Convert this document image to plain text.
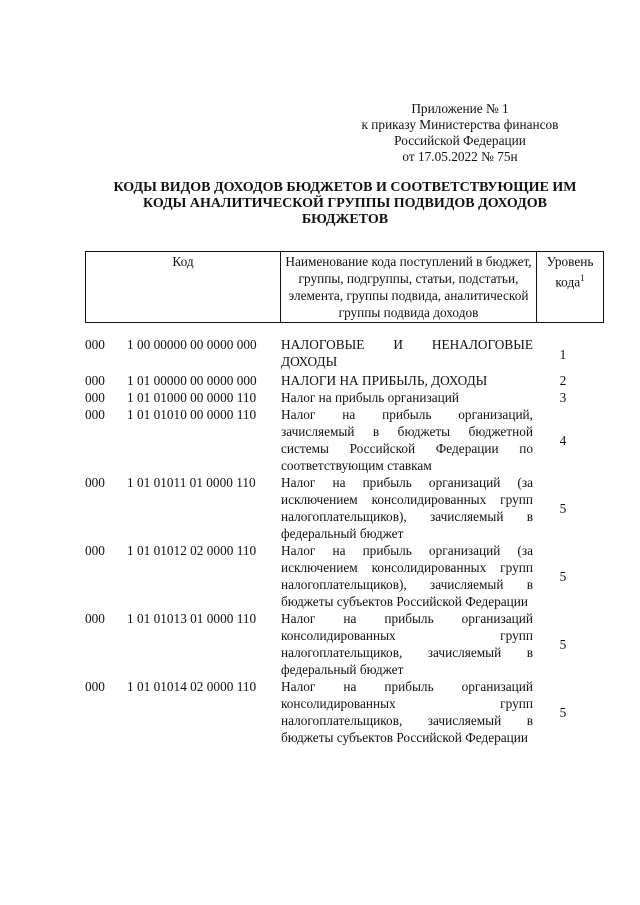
Приложение № 1
к приказу Министерства финансов
Российской Федерации
от 17.05.2022 № 75н
КОДЫ ВИДОВ ДОХОДОВ БЮДЖЕТОВ И СООТВЕТСТВУЮЩИЕ ИМ
КОДЫ АНАЛИТИЧЕСКОЙ ГРУППЫ ПОДВИДОВ ДОХОДОВ
БЮДЖЕТОВ
Код	Наименование кода поступлений в бюджет, группы, подгруппы, статьи, подстатьи, элемента, группы подвида, аналитической группы подвида доходов	Уровень кода$^1$
000	1 00 00000 00 0000 000	НАЛОГОВЫЕ И НЕНАЛОГОВЫЕ ДОХОДЫ	1
000	1 01 00000 00 0000 000	НАЛОГИ НА ПРИБЫЛЬ, ДОХОДЫ	2
000	1 01 01000 00 0000 110	Налог на прибыль организаций	3
000	1 01 01010 00 0000 110	Налог на прибыль организаций, зачисляемый в бюджеты бюджетной системы Российской Федерации по соответствующим ставкам	4
000	1 01 01011 01 0000 110	Налог на прибыль организаций (за исключением консолидированных групп налогоплательщиков), зачисляемый в федеральный бюджет	5
000	1 01 01012 02 0000 110	Налог на прибыль организаций (за исключением консолидированных групп налогоплательщиков), зачисляемый в бюджеты субъектов Российской Федерации	5
000	1 01 01013 01 0000 110	Налог на прибыль организаций консолидированных групп налогоплательщиков, зачисляемый в федеральный бюджет	5
000	1 01 01014 02 0000 110	Налог на прибыль организаций консолидированных групп налогоплательщиков, зачисляемый в бюджеты субъектов Российской Федерации	5
